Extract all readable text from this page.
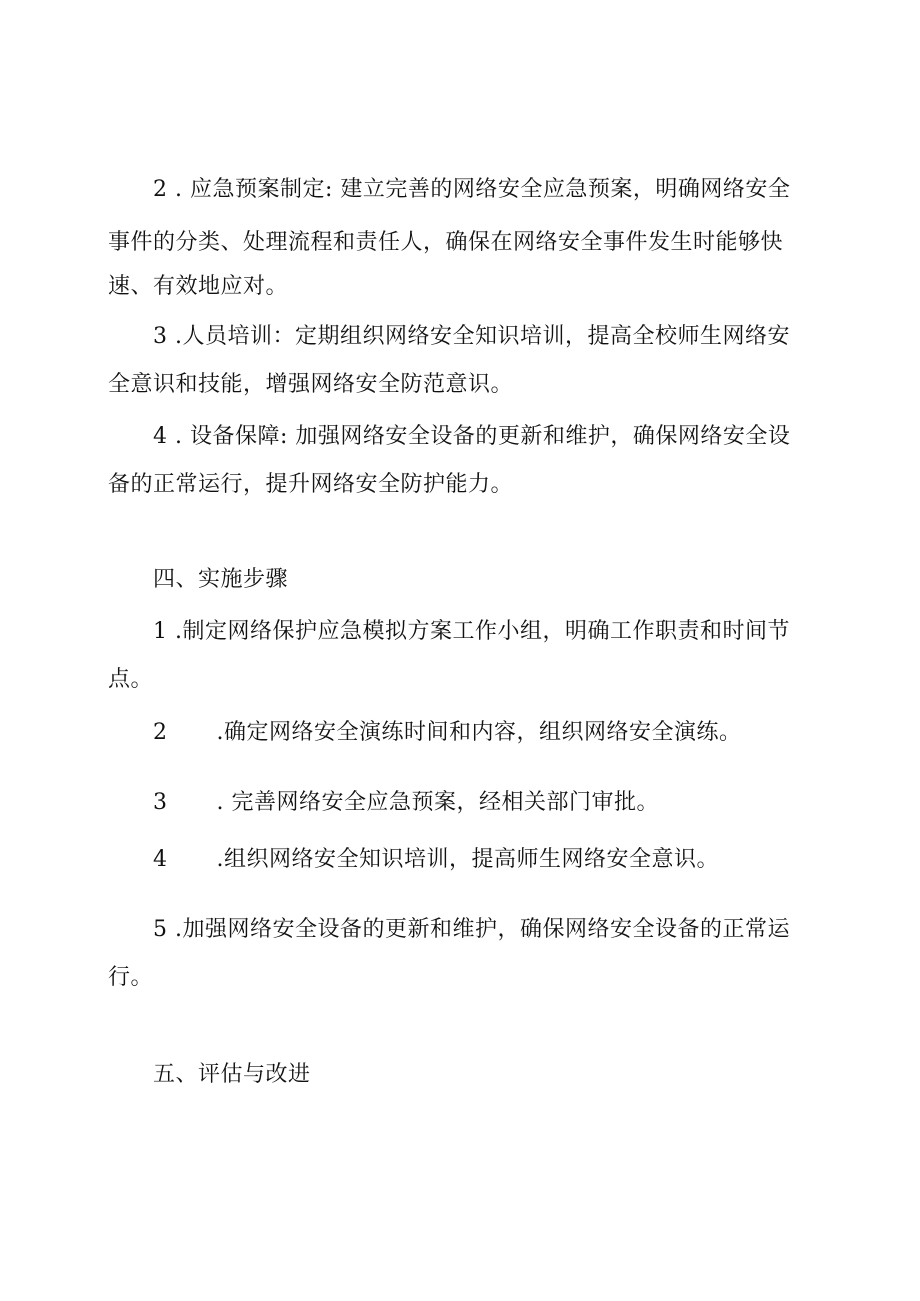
2 . 应急预案制定: 建立完善的网络安全应急预案，明确网络安全
事件的分类、处理流程和责任人，确保在网络安全事件发生时能够快
速、有效地应对。
3 .人员培训：定期组织网络安全知识培训，提高全校师生网络安
全意识和技能，增强网络安全防范意识。
4 . 设备保障: 加强网络安全设备的更新和维护，确保网络安全设
备的正常运行，提升网络安全防护能力。
四、实施步骤
1 .制定网络保护应急模拟方案工作小组，明确工作职责和时间节
点。
2 .确定网络安全演练时间和内容，组织网络安全演练。
3 . 完善网络安全应急预案，经相关部门审批。
4 .组织网络安全知识培训，提高师生网络安全意识。
5 .加强网络安全设备的更新和维护，确保网络安全设备的正常运
行。
五、评估与改进
